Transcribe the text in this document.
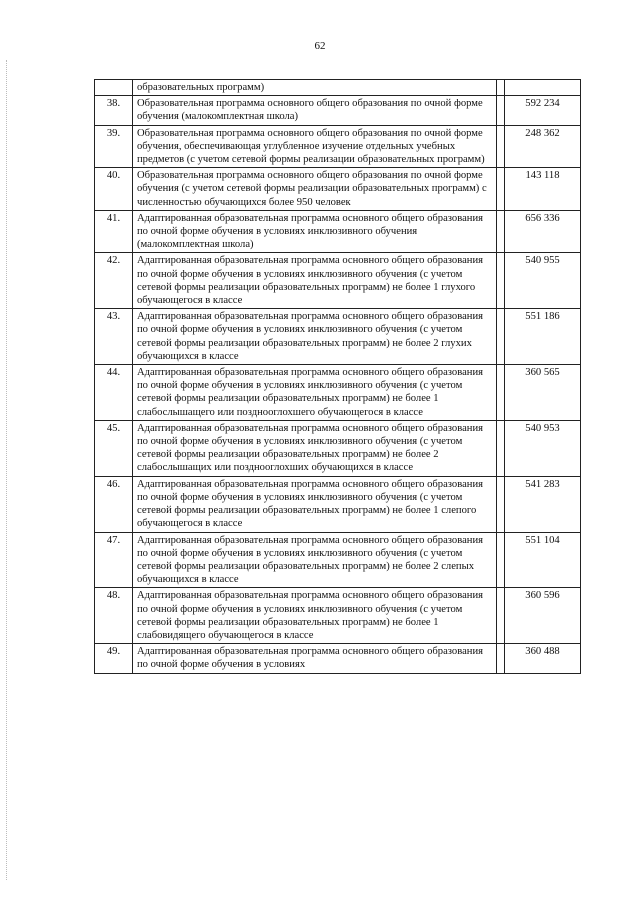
62
	образовательных программ)		
38.	Образовательная программа основного общего образования по очной форме обучения (малокомплектная школа)		592 234
39.	Образовательная программа основного общего образования по очной форме обучения, обеспечивающая углубленное изучение отдельных учебных предметов (с учетом сетевой формы реализации образовательных программ)		248 362
40.	Образовательная программа основного общего образования по очной форме обучения (с учетом сетевой формы реализации образовательных программ) с численностью обучающихся более 950 человек		143 118
41.	Адаптированная образовательная программа основного общего образования по очной форме обучения в условиях инклюзивного обучения (малокомплектная школа)		656 336
42.	Адаптированная образовательная программа основного общего образования по очной форме обучения в условиях инклюзивного обучения (с учетом сетевой формы реализации образовательных программ) не более 1 глухого обучающегося в классе		540 955
43.	Адаптированная образовательная программа основного общего образования по очной форме обучения в условиях инклюзивного обучения (с учетом сетевой формы реализации образовательных программ) не более 2 глухих обучающихся в классе		551 186
44.	Адаптированная образовательная программа основного общего образования по очной форме обучения в условиях инклюзивного обучения (с учетом сетевой формы реализации образовательных программ) не более 1 слабослышащего или позднооглохшего обучающегося в классе		360 565
45.	Адаптированная образовательная программа основного общего образования по очной форме обучения в условиях инклюзивного обучения (с учетом сетевой формы реализации образовательных программ) не более 2 слабослышащих или позднооглохших обучающихся в классе		540 953
46.	Адаптированная образовательная программа основного общего образования по очной форме обучения в условиях инклюзивного обучения (с учетом сетевой формы реализации образовательных программ) не более 1 слепого обучающегося в классе		541 283
47.	Адаптированная образовательная программа основного общего образования по очной форме обучения в условиях инклюзивного обучения (с учетом сетевой формы реализации образовательных программ) не более 2 слепых обучающихся в классе		551 104
48.	Адаптированная образовательная программа основного общего образования по очной форме обучения в условиях инклюзивного обучения (с учетом сетевой формы реализации образовательных программ) не более 1 слабовидящего обучающегося в классе		360 596
49.	Адаптированная образовательная программа основного общего образования по очной форме обучения в условиях		360 488
